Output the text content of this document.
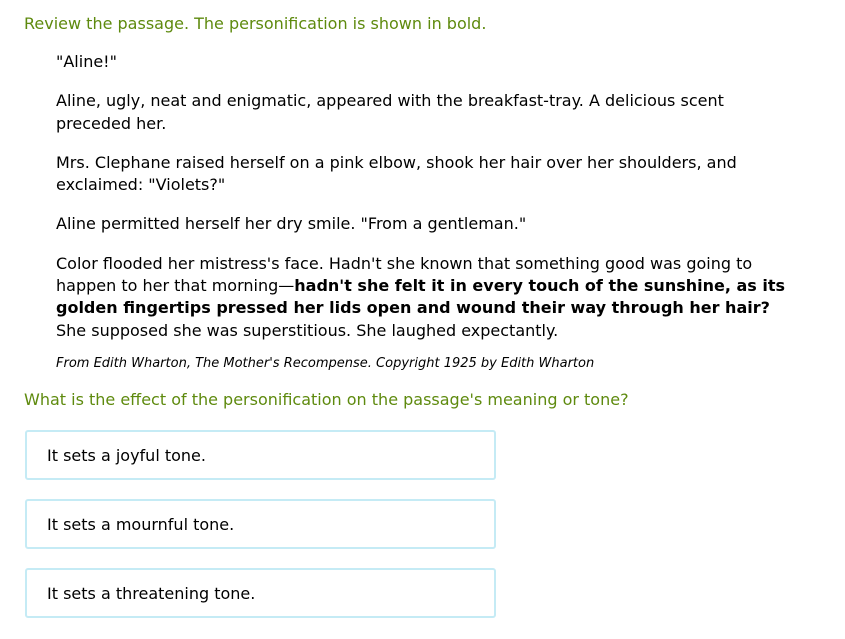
Review the passage. The personification is shown in bold.

"Aline!"

Aline, ugly, neat and enigmatic, appeared with the breakfast-tray. A delicious scent preceded her.

Mrs. Clephane raised herself on a pink elbow, shook her hair over her shoulders, and exclaimed: "Violets?"

Aline permitted herself her dry smile. "From a gentleman."

Color flooded her mistress's face. Hadn't she known that something good was going to happen to her that morning—hadn't she felt it in every touch of the sunshine, as its golden fingertips pressed her lids open and wound their way through her hair? She supposed she was superstitious. She laughed expectantly.

From Edith Wharton, The Mother's Recompense. Copyright 1925 by Edith Wharton

What is the effect of the personification on the passage's meaning or tone?

It sets a joyful tone.
It sets a mournful tone.
It sets a threatening tone.
